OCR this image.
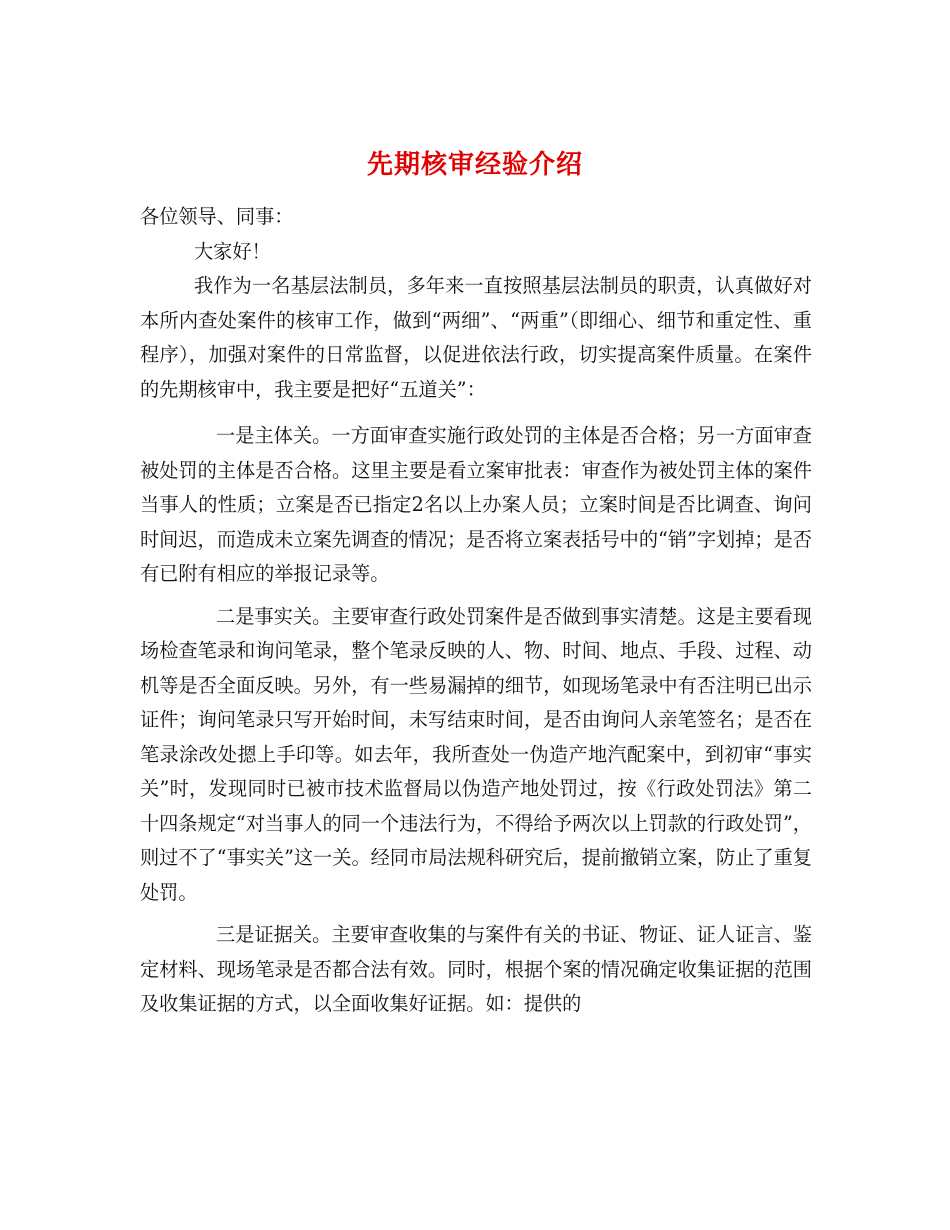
先期核审经验介绍

各位领导、同事：

大家好！

我作为一名基层法制员，多年来一直按照基层法制员的职责，认真做好对本所内查处案件的核审工作，做到“两细”、“两重”（即细心、细节和重定性、重程序），加强对案件的日常监督，以促进依法行政，切实提高案件质量。在案件的先期核审中，我主要是把好“五道关”：

一是主体关。一方面审查实施行政处罚的主体是否合格；另一方面审查被处罚的主体是否合格。这里主要是看立案审批表：审查作为被处罚主体的案件当事人的性质；立案是否已指定2名以上办案人员；立案时间是否比调查、询问时间迟，而造成未立案先调查的情况；是否将立案表括号中的“销”字划掉；是否有已附有相应的举报记录等。

二是事实关。主要审查行政处罚案件是否做到事实清楚。这是主要看现场检查笔录和询问笔录，整个笔录反映的人、物、时间、地点、手段、过程、动机等是否全面反映。另外，有一些易漏掉的细节，如现场笔录中有否注明已出示证件；询问笔录只写开始时间，未写结束时间，是否由询问人亲笔签名；是否在笔录涂改处摁上手印等。如去年，我所查处一伪造产地汽配案中，到初审“事实关”时，发现同时已被市技术监督局以伪造产地处罚过，按《行政处罚法》第二十四条规定“对当事人的同一个违法行为，不得给予两次以上罚款的行政处罚”，则过不了“事实关”这一关。经同市局法规科研究后，提前撤销立案，防止了重复处罚。

三是证据关。主要审查收集的与案件有关的书证、物证、证人证言、鉴定材料、现场笔录是否都合法有效。同时，根据个案的情况确定收集证据的范围及收集证据的方式，以全面收集好证据。如：提供的
